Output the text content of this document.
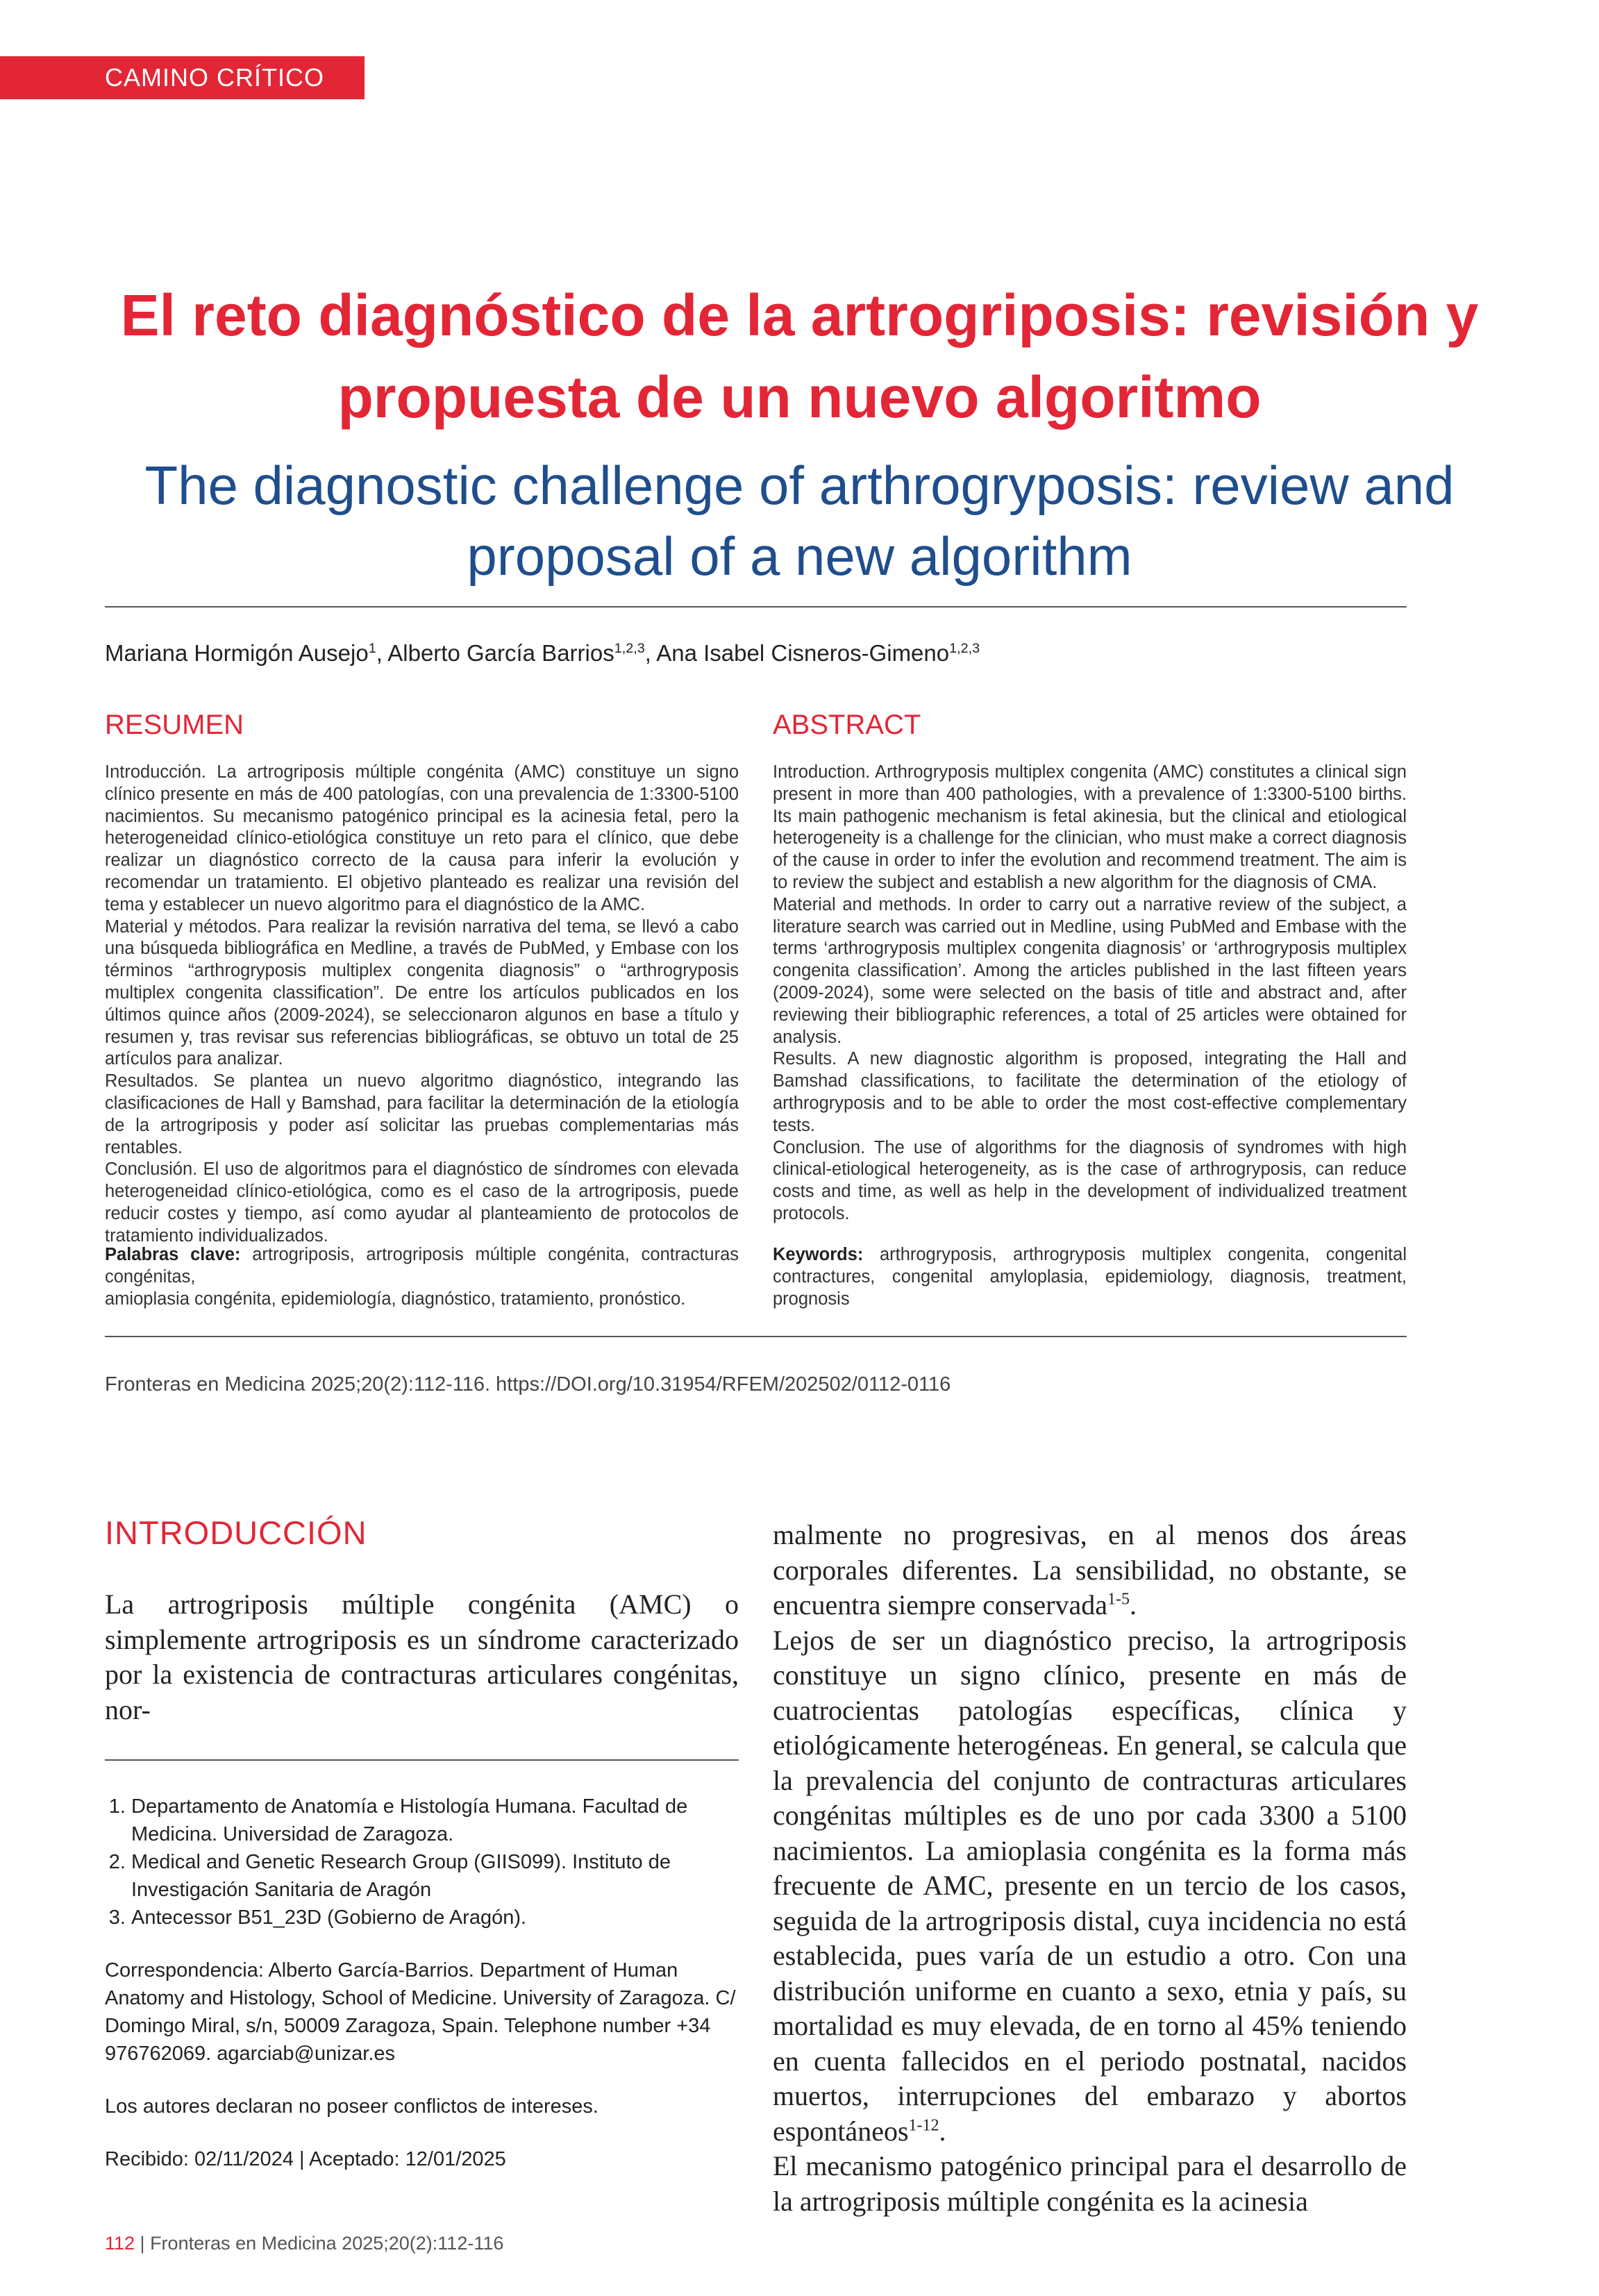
CAMINO CRÍTICO
El reto diagnóstico de la artrogriposis: revisión y propuesta de un nuevo algoritmo
The diagnostic challenge of arthrogryposis: review and proposal of a new algorithm
Mariana Hormigón Ausejo$^1$, Alberto García Barrios$^{1,2,3}$, Ana Isabel Cisneros-Gimeno$^{1,2,3}$
RESUMEN

Introducción. La artrogriposis múltiple congénita (AMC) constituye un signo clínico presente en más de 400 patologías, con una prevalencia de 1:3300-5100 nacimientos. Su mecanismo patogénico principal es la acinesia fetal, pero la heterogeneidad clínico-etiológica constituye un reto para el clínico, que debe realizar un diagnóstico correcto de la causa para inferir la evolución y recomendar un tratamiento. El objetivo planteado es realizar una revisión del tema y establecer un nuevo algoritmo para el diagnóstico de la AMC.

Material y métodos. Para realizar la revisión narrativa del tema, se llevó a cabo una búsqueda bibliográfica en Medline, a través de PubMed, y Embase con los términos “arthrogryposis multiplex congenita diagnosis” o “arthrogryposis multiplex congenita classification”. De entre los artículos publicados en los últimos quince años (2009-2024), se seleccionaron algunos en base a título y resumen y, tras revisar sus referencias bibliográficas, se obtuvo un total de 25 artículos para analizar.

Resultados. Se plantea un nuevo algoritmo diagnóstico, integrando las clasificaciones de Hall y Bamshad, para facilitar la determinación de la etiología de la artrogriposis y poder así solicitar las pruebas complementarias más rentables.

Conclusión. El uso de algoritmos para el diagnóstico de síndromes con elevada heterogeneidad clínico-etiológica, como es el caso de la artrogriposis, puede reducir costes y tiempo, así como ayudar al planteamiento de protocolos de tratamiento individualizados.

Palabras clave: artrogriposis, artrogriposis múltiple congénita, contracturas congénitas,
amioplasia congénita, epidemiología, diagnóstico, tratamiento, pronóstico.
ABSTRACT

Introduction. Arthrogryposis multiplex congenita (AMC) constitutes a clinical sign present in more than 400 pathologies, with a prevalence of 1:3300-5100 births. Its main pathogenic mechanism is fetal akinesia, but the clinical and etiological heterogeneity is a challenge for the clinician, who must make a correct diagnosis of the cause in order to infer the evolution and recommend treatment. The aim is to review the subject and establish a new algorithm for the diagnosis of CMA.

Material and methods. In order to carry out a narrative review of the subject, a literature search was carried out in Medline, using PubMed and Embase with the terms ‘arthrogryposis multiplex congenita diagnosis’ or ‘arthrogryposis multiplex congenita classification’. Among the articles published in the last fifteen years (2009-2024), some were selected on the basis of title and abstract and, after reviewing their bibliographic references, a total of 25 articles were obtained for analysis.

Results. A new diagnostic algorithm is proposed, integrating the Hall and Bamshad classifications, to facilitate the determination of the etiology of arthrogryposis and to be able to order the most cost-effective complementary tests.

Conclusion. The use of algorithms for the diagnosis of syndromes with high clinical-etiological heterogeneity, as is the case of arthrogryposis, can reduce costs and time, as well as help in the development of individualized treatment protocols.

Keywords: arthrogryposis, arthrogryposis multiplex congenita, congenital contractures, congenital amyloplasia, epidemiology, diagnosis, treatment, prognosis
Fronteras en Medicina 2025;20(2):112-116. https://DOI.org/10.31954/RFEM/202502/0112-0116
INTRODUCCIÓN

La artrogriposis múltiple congénita (AMC) o simplemente artrogriposis es un síndrome caracterizado por la existencia de contracturas articulares congénitas, nor-

1. Departamento de Anatomía e Histología Humana. Facultad de Medicina. Universidad de Zaragoza.
2. Medical and Genetic Research Group (GIIS099). Instituto de Investigación Sanitaria de Aragón
3. Antecessor B51_23D (Gobierno de Aragón).

Correspondencia: Alberto García-Barrios. Department of Human Anatomy and Histology, School of Medicine. University of Zaragoza. C/ Domingo Miral, s/n, 50009 Zaragoza, Spain. Telephone number +34 976762069. agarciab@unizar.es

Los autores declaran no poseer conflictos de intereses.

Recibido: 02/11/2024 | Aceptado: 12/01/2025

malmente no progresivas, en al menos dos áreas corporales diferentes. La sensibilidad, no obstante, se encuentra siempre conservada$^{1-5}$.

Lejos de ser un diagnóstico preciso, la artrogriposis constituye un signo clínico, presente en más de cuatrocientas patologías específicas, clínica y etiológicamente heterogéneas. En general, se calcula que la prevalencia del conjunto de contracturas articulares congénitas múltiples es de uno por cada 3300 a 5100 nacimientos. La amioplasia congénita es la forma más frecuente de AMC, presente en un tercio de los casos, seguida de la artrogriposis distal, cuya incidencia no está establecida, pues varía de un estudio a otro. Con una distribución uniforme en cuanto a sexo, etnia y país, su mortalidad es muy elevada, de en torno al 45% teniendo en cuenta fallecidos en el periodo postnatal, nacidos muertos, interrupciones del embarazo y abortos espontáneos$^{1-12}$.

El mecanismo patogénico principal para el desarrollo de la artrogriposis múltiple congénita es la acinesia

112 | Fronteras en Medicina 2025;20(2):112-116
